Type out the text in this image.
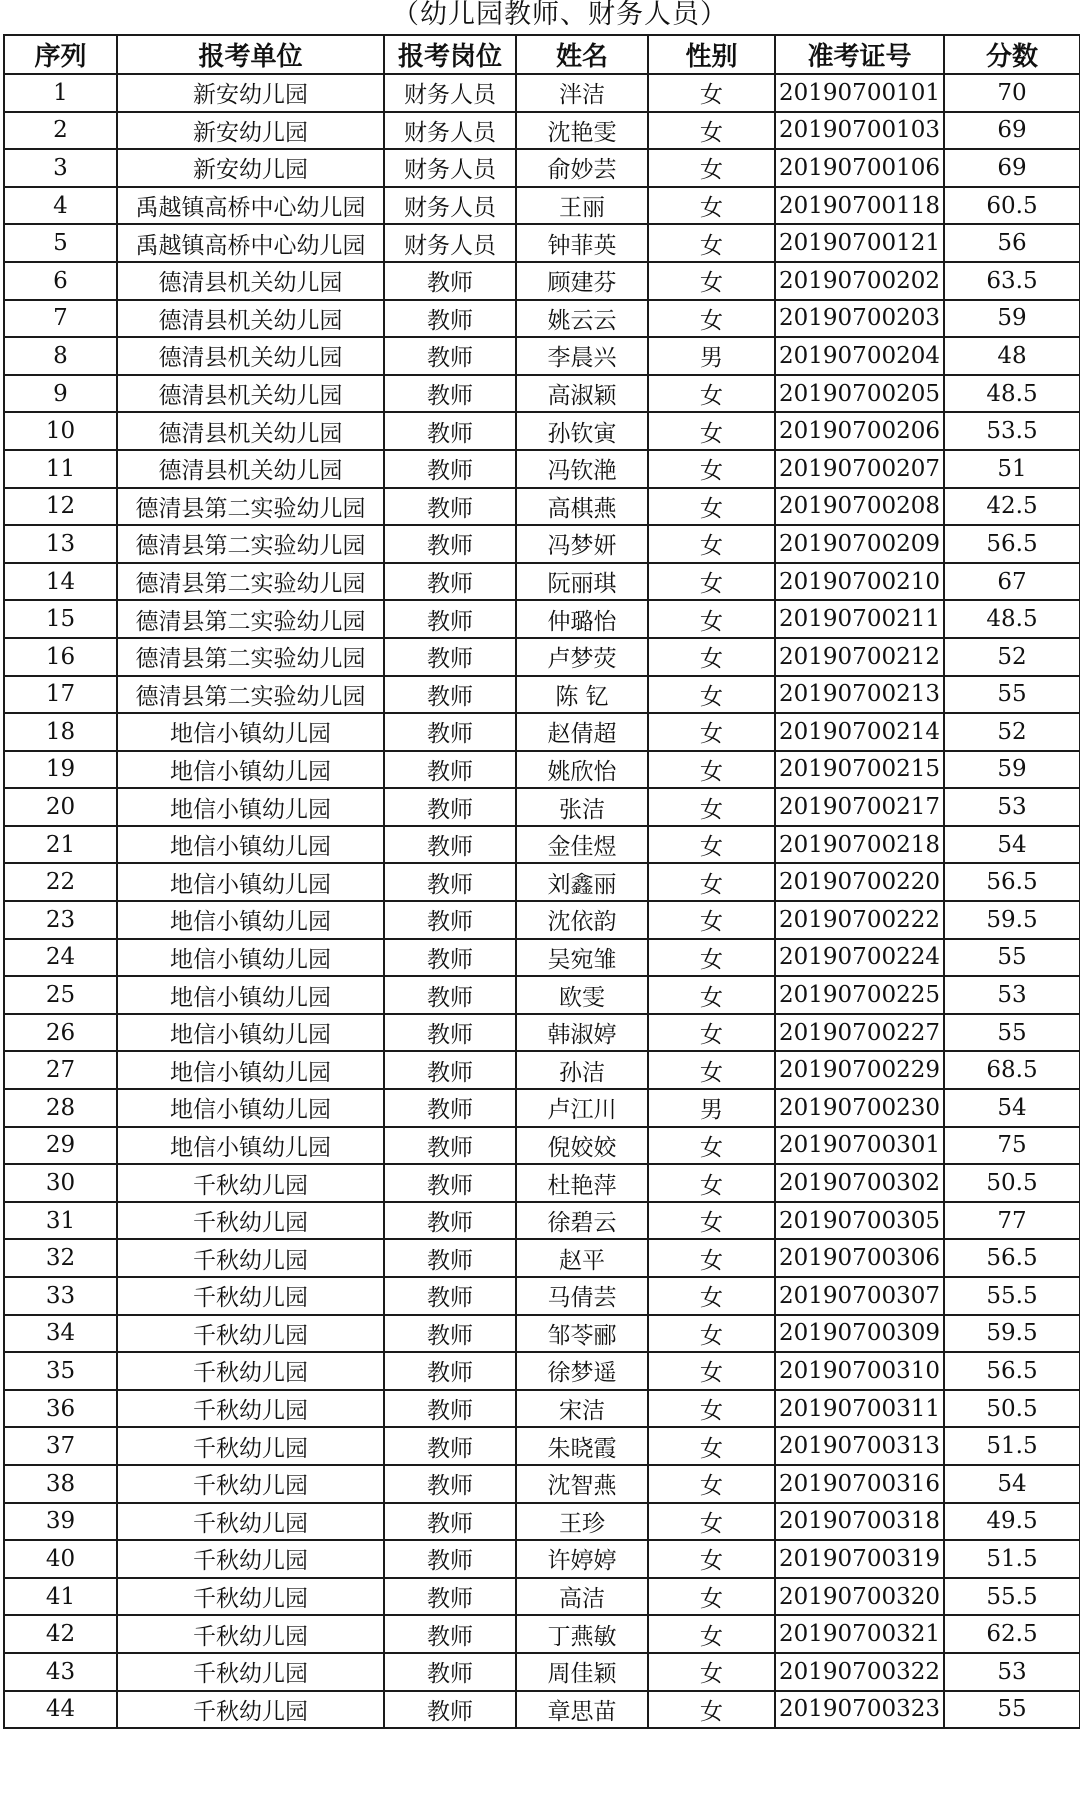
（幼儿园教师、财务人员）
序列	报考单位	报考岗位	姓名	性别	准考证号	分数
1	新安幼儿园	财务人员	泮洁	女	20190700101	70
2	新安幼儿园	财务人员	沈艳雯	女	20190700103	69
3	新安幼儿园	财务人员	俞妙芸	女	20190700106	69
4	禹越镇高桥中心幼儿园	财务人员	王丽	女	20190700118	60.5
5	禹越镇高桥中心幼儿园	财务人员	钟菲英	女	20190700121	56
6	德清县机关幼儿园	教师	顾建芬	女	20190700202	63.5
7	德清县机关幼儿园	教师	姚云云	女	20190700203	59
8	德清县机关幼儿园	教师	李晨兴	男	20190700204	48
9	德清县机关幼儿园	教师	高淑颖	女	20190700205	48.5
10	德清县机关幼儿园	教师	孙钦寅	女	20190700206	53.5
11	德清县机关幼儿园	教师	冯钦滟	女	20190700207	51
12	德清县第二实验幼儿园	教师	高棋燕	女	20190700208	42.5
13	德清县第二实验幼儿园	教师	冯梦妍	女	20190700209	56.5
14	德清县第二实验幼儿园	教师	阮丽琪	女	20190700210	67
15	德清县第二实验幼儿园	教师	仲璐怡	女	20190700211	48.5
16	德清县第二实验幼儿园	教师	卢梦荧	女	20190700212	52
17	德清县第二实验幼儿园	教师	陈 钇	女	20190700213	55
18	地信小镇幼儿园	教师	赵倩超	女	20190700214	52
19	地信小镇幼儿园	教师	姚欣怡	女	20190700215	59
20	地信小镇幼儿园	教师	张洁	女	20190700217	53
21	地信小镇幼儿园	教师	金佳煜	女	20190700218	54
22	地信小镇幼儿园	教师	刘鑫丽	女	20190700220	56.5
23	地信小镇幼儿园	教师	沈依韵	女	20190700222	59.5
24	地信小镇幼儿园	教师	吴宛雏	女	20190700224	55
25	地信小镇幼儿园	教师	欧雯	女	20190700225	53
26	地信小镇幼儿园	教师	韩淑婷	女	20190700227	55
27	地信小镇幼儿园	教师	孙洁	女	20190700229	68.5
28	地信小镇幼儿园	教师	卢江川	男	20190700230	54
29	地信小镇幼儿园	教师	倪姣姣	女	20190700301	75
30	千秋幼儿园	教师	杜艳萍	女	20190700302	50.5
31	千秋幼儿园	教师	徐碧云	女	20190700305	77
32	千秋幼儿园	教师	赵平	女	20190700306	56.5
33	千秋幼儿园	教师	马倩芸	女	20190700307	55.5
34	千秋幼儿园	教师	邹苓郦	女	20190700309	59.5
35	千秋幼儿园	教师	徐梦遥	女	20190700310	56.5
36	千秋幼儿园	教师	宋洁	女	20190700311	50.5
37	千秋幼儿园	教师	朱晓霞	女	20190700313	51.5
38	千秋幼儿园	教师	沈智燕	女	20190700316	54
39	千秋幼儿园	教师	王珍	女	20190700318	49.5
40	千秋幼儿园	教师	许婷婷	女	20190700319	51.5
41	千秋幼儿园	教师	高洁	女	20190700320	55.5
42	千秋幼儿园	教师	丁燕敏	女	20190700321	62.5
43	千秋幼儿园	教师	周佳颖	女	20190700322	53
44	千秋幼儿园	教师	章思苗	女	20190700323	55
